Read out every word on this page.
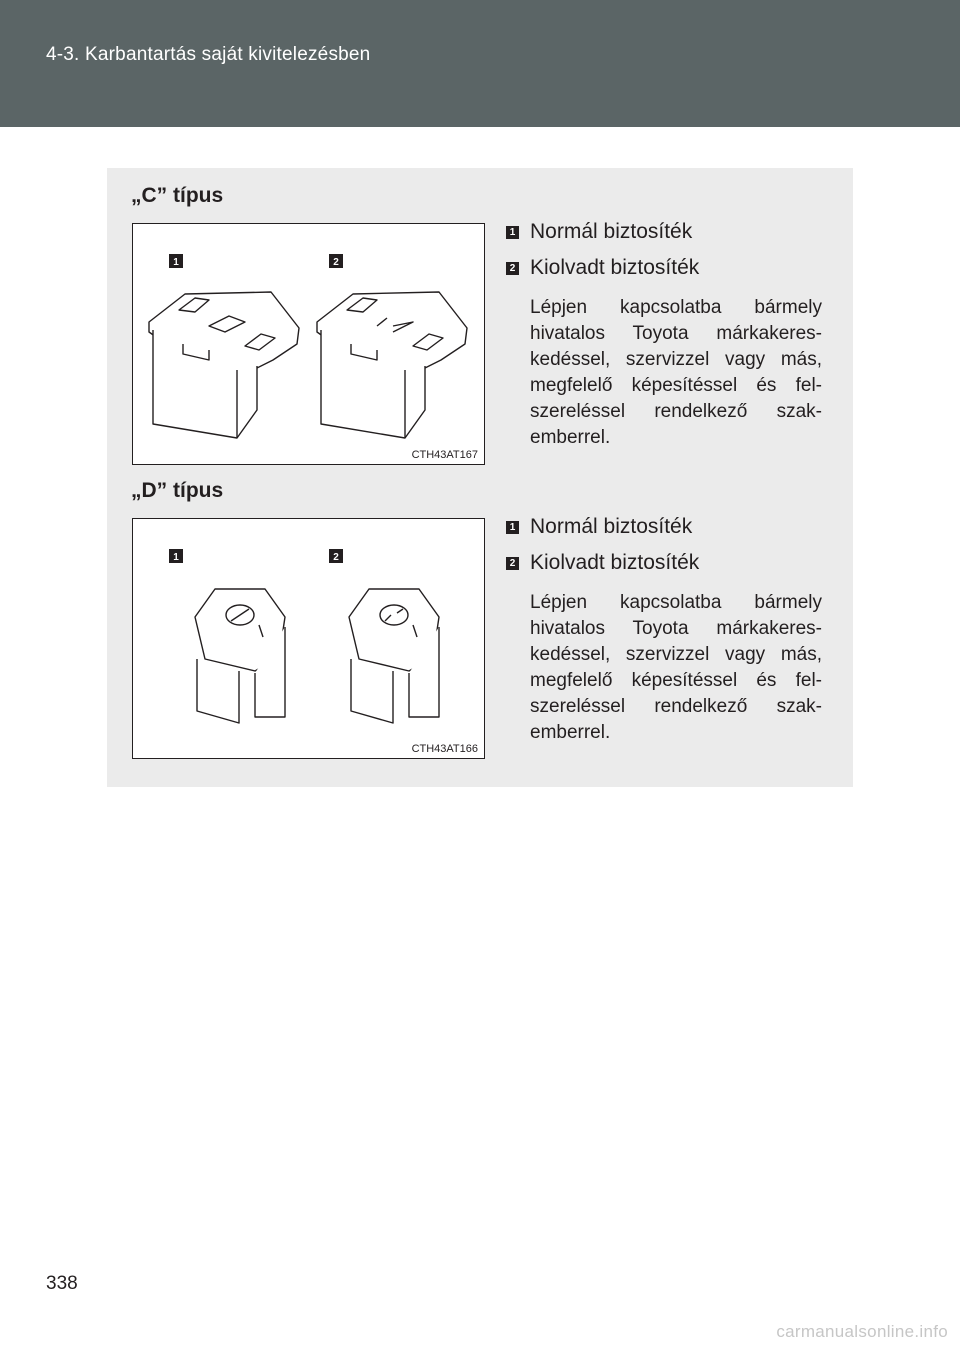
4-3. Karbantartás saját kivitelezésben
„C” típus
1	2
CTH43AT167
1 Normál biztosíték
2 Kiolvadt biztosíték
Lépjen kapcsolatba bármely hivatalos Toyota márkakereskedéssel, szervizzel vagy más, megfelelő képesítéssel és felszereléssel rendelkező szakemberrel.
„D” típus
1	2
CTH43AT166
1 Normál biztosíték
2 Kiolvadt biztosíték
Lépjen kapcsolatba bármely hivatalos Toyota márkakereskedéssel, szervizzel vagy más, megfelelő képesítéssel és felszereléssel rendelkező szakemberrel.
338
carmanualsonline.info
